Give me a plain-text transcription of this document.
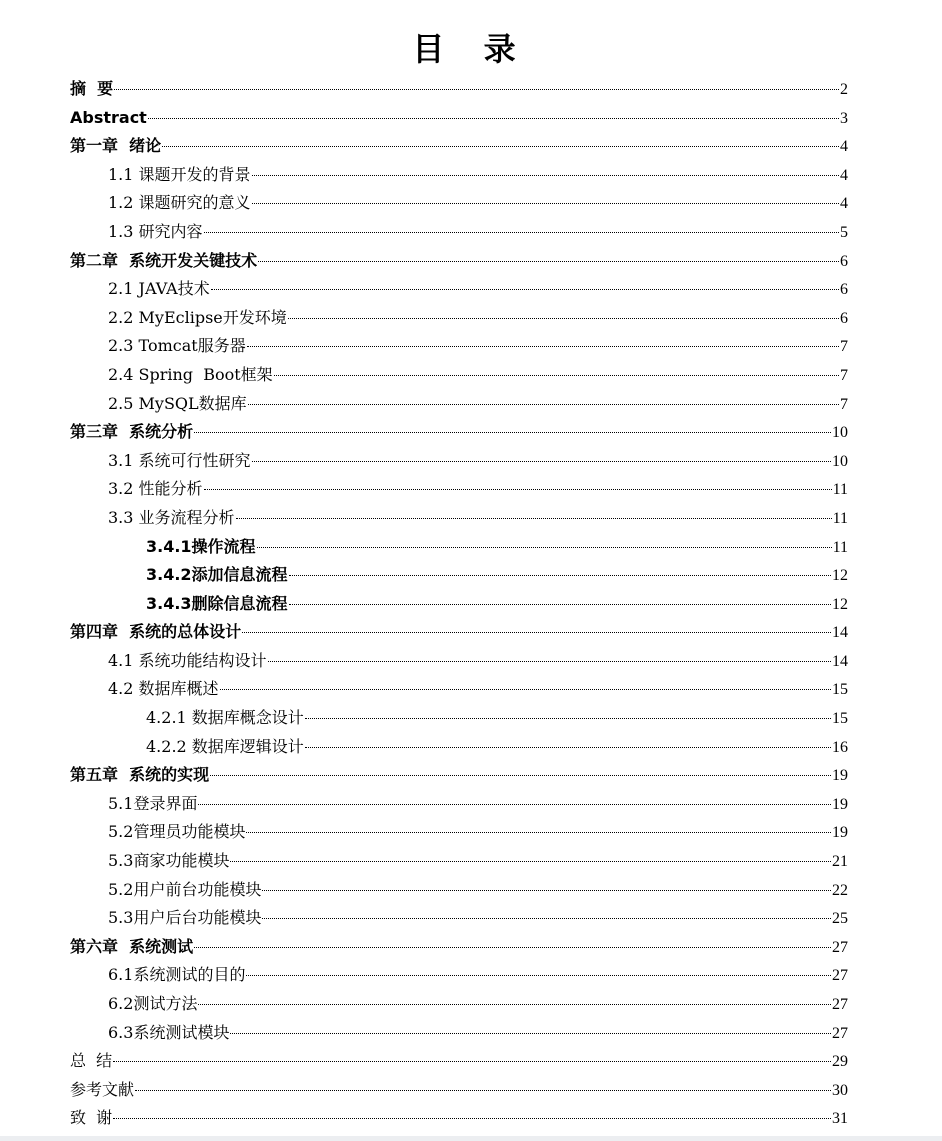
目 录
摘  要	2
Abstract	3
第一章  绪论	4
1.1 课题开发的背景	4
1.2 课题研究的意义	4
1.3 研究内容	5
第二章  系统开发关键技术	6
2.1 JAVA技术	6
2.2 MyEclipse开发环境	6
2.3 Tomcat服务器	7
2.4 Spring  Boot框架	7
2.5 MySQL数据库	7
第三章  系统分析	10
3.1 系统可行性研究	10
3.2 性能分析	11
3.3 业务流程分析	11
3.4.1操作流程	11
3.4.2添加信息流程	12
3.4.3删除信息流程	12
第四章  系统的总体设计	14
4.1 系统功能结构设计	14
4.2 数据库概述	15
4.2.1 数据库概念设计	15
4.2.2 数据库逻辑设计	16
第五章  系统的实现	19
5.1登录界面	19
5.2管理员功能模块	19
5.3商家功能模块	21
5.2用户前台功能模块	22
5.3用户后台功能模块	25
第六章  系统测试	27
6.1系统测试的目的	27
6.2测试方法	27
6.3系统测试模块	27
总  结	29
参考文献	30
致  谢	31
